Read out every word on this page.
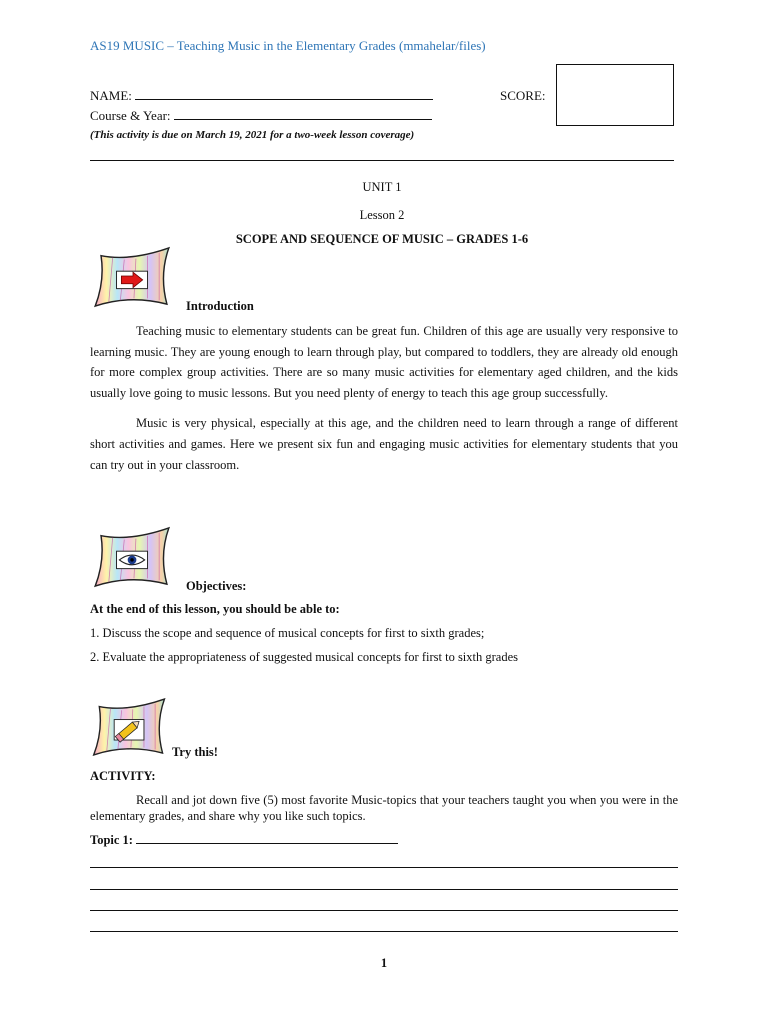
AS19 MUSIC – Teaching Music in the Elementary Grades (mmahelar/files)
NAME:	SCORE:
Course & Year:
(This activity is due on March 19, 2021 for a two-week lesson coverage)
UNIT 1
Lesson 2
SCOPE AND SEQUENCE OF MUSIC – GRADES 1-6
Introduction

Teaching music to elementary students can be great fun. Children of this age are usually very responsive to learning music. They are young enough to learn through play, but compared to toddlers, they are already old enough for more complex group activities. There are so many music activities for elementary aged children, and the kids usually love going to music lessons. But you need plenty of energy to teach this age group successfully.

Music is very physical, especially at this age, and the children need to learn through a range of different short activities and games. Here we present six fun and engaging music activities for elementary students that you can try out in your classroom.

Objectives:
At the end of this lesson, you should be able to:
1. Discuss the scope and sequence of musical concepts for first to sixth grades;
2. Evaluate the appropriateness of suggested musical concepts for first to sixth grades
Try this!
ACTIVITY:

Recall and jot down five (5) most favorite Music-topics that your teachers taught you when you were in the elementary grades, and share why you like such topics.

Topic 1:
1
